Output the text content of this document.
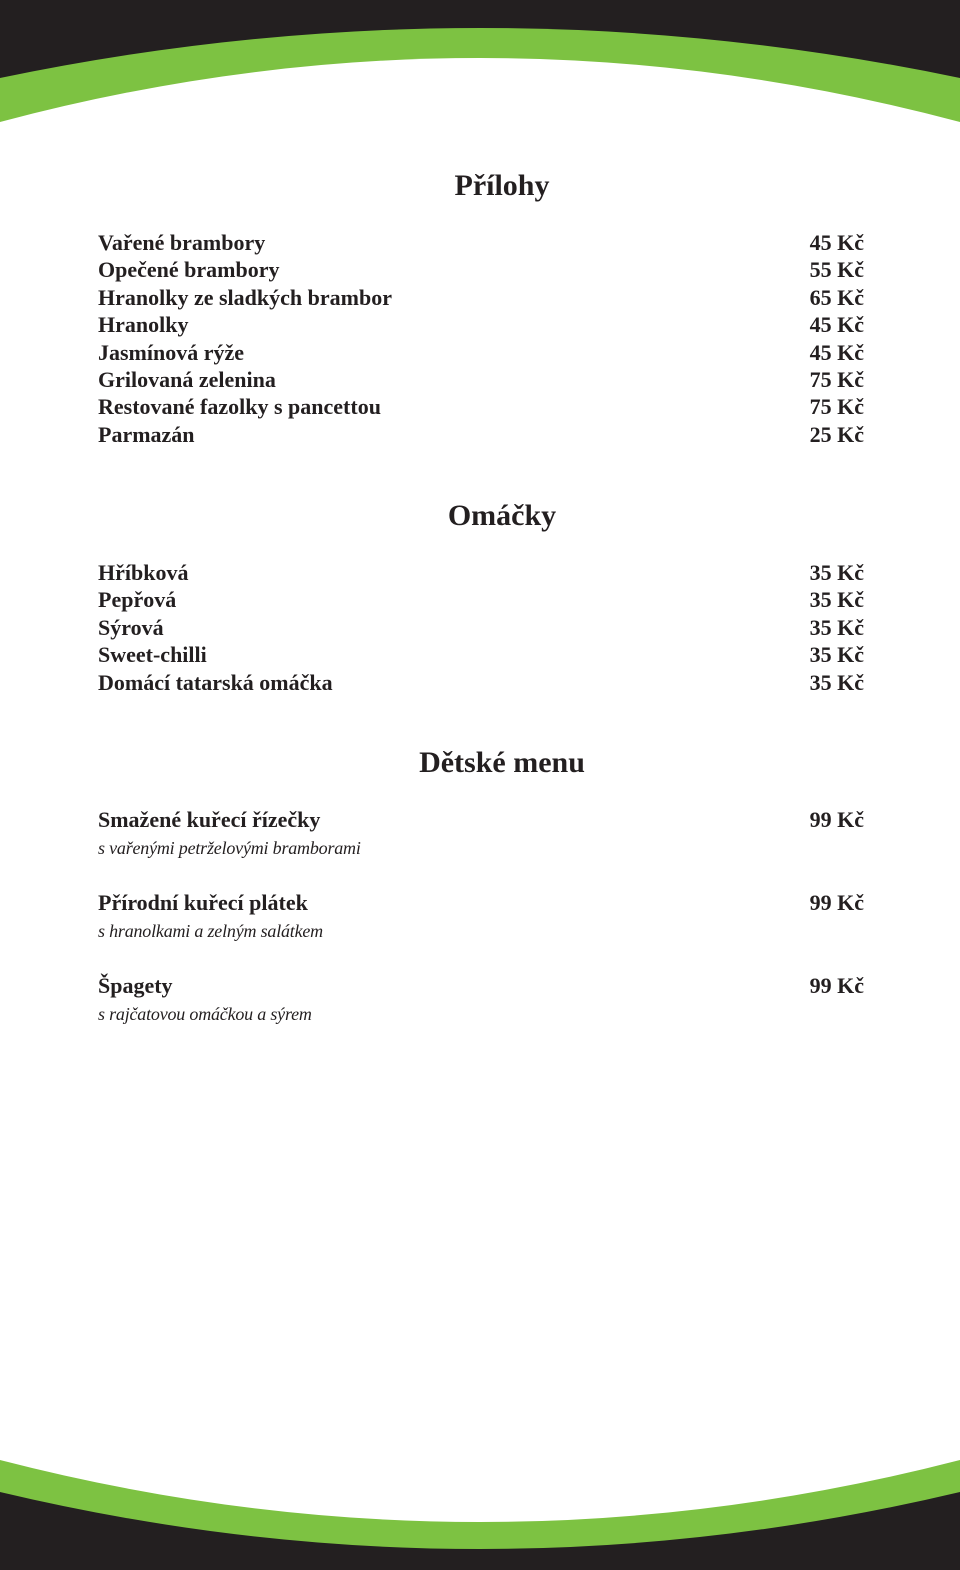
Přílohy
Vařené brambory	45 Kč
Opečené brambory	55 Kč
Hranolky ze sladkých brambor	65 Kč
Hranolky	45 Kč
Jasmínová rýže	45 Kč
Grilovaná zelenina	75 Kč
Restované fazolky s pancettou	75 Kč
Parmazán	25 Kč
Omáčky
Hříbková	35 Kč
Pepřová	35 Kč
Sýrová	35 Kč
Sweet-chilli	35 Kč
Domácí tatarská omáčka	35 Kč
Dětské menu
Smažené kuřecí řízečky	99 Kč
s vařenými petrželovými bramborami
Přírodní kuřecí plátek	99 Kč
s hranolkami a zelným salátkem
Špagety	99 Kč
s rajčatovou omáčkou a sýrem
